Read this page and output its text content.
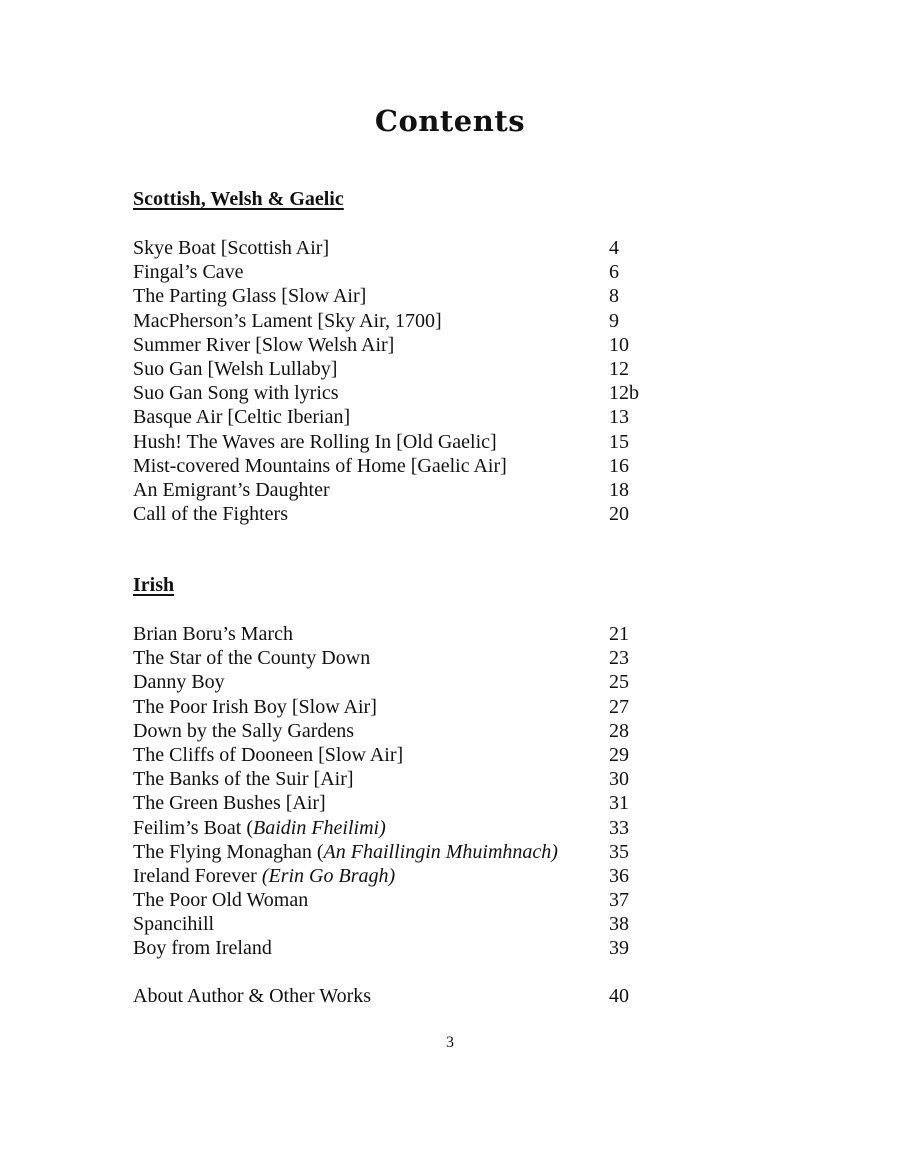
Contents
Scottish, Welsh & Gaelic
Skye Boat [Scottish Air]	4
Fingal’s Cave	6
The Parting Glass [Slow Air]	8
MacPherson’s Lament [Sky Air, 1700]	9
Summer River [Slow Welsh Air]	10
Suo Gan [Welsh Lullaby]	12
Suo Gan Song with lyrics	12b
Basque Air [Celtic Iberian]	13
Hush! The Waves are Rolling In [Old Gaelic]	15
Mist-covered Mountains of Home [Gaelic Air]	16
An Emigrant’s Daughter	18
Call of the Fighters	20
Irish
Brian Boru’s March	21
The Star of the County Down	23
Danny Boy	25
The Poor Irish Boy [Slow Air]	27
Down by the Sally Gardens	28
The Cliffs of Dooneen [Slow Air]	29
The Banks of the Suir [Air]	30
The Green Bushes [Air]	31
Feilim’s Boat (Baidin Fheilimi)	33
The Flying Monaghan (An Fhaillingin Mhuimhnach)	35
Ireland Forever (Erin Go Bragh)	36
The Poor Old Woman	37
Spancihill	38
Boy from Ireland	39
About Author & Other Works	40
3
